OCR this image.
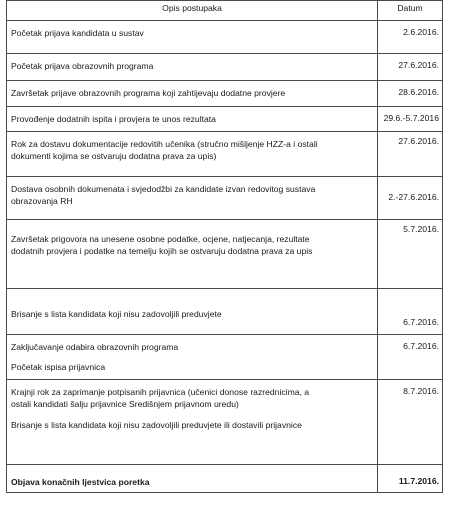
Opis postupaka	Datum

Početak prijava kandidata u sustav	2.6.2016.

Početak prijava obrazovnih programa	27.6.2016.

Završetak prijave obrazovnih programa koji zahtijevaju dodatne provjere	28.6.2016.

Provođenje dodatnih ispita i provjera te unos rezultata	29.6.-5.7.2016

Rok za dostavu dokumentacije redovitih učenika (stručno mišljenje HZZ-a i ostali
dokumenti kojima se ostvaruju dodatna prava za upis)	27.6.2016.

Dostava osobnih dokumenata i svjedodžbi za kandidate izvan redovitog sustava
obrazovanja RH	2.-27.6.2016.

Završetak prigovora na unesene osobne podatke, ocjene, natjecanja, rezultate
dodatnih provjera i podatke na temelju kojih se ostvaruju dodatna prava za upis	5.7.2016.

Brisanje s lista kandidata koji nisu zadovoljili preduvjete	6.7.2016.

Zaključavanje odabira obrazovnih programa
Početak ispisa prijavnica	6.7.2016.

Krajnji rok za zaprimanje potpisanih prijavnica (učenici donose razrednicima, a
ostali kandidati šalju prijavnice Središnjem prijavnom uredu)
Brisanje s lista kandidata koji nisu zadovoljili preduvjete ili dostavili prijavnice	8.7.2016.

Objava konačnih ljestvica poretka	11.7.2016.
